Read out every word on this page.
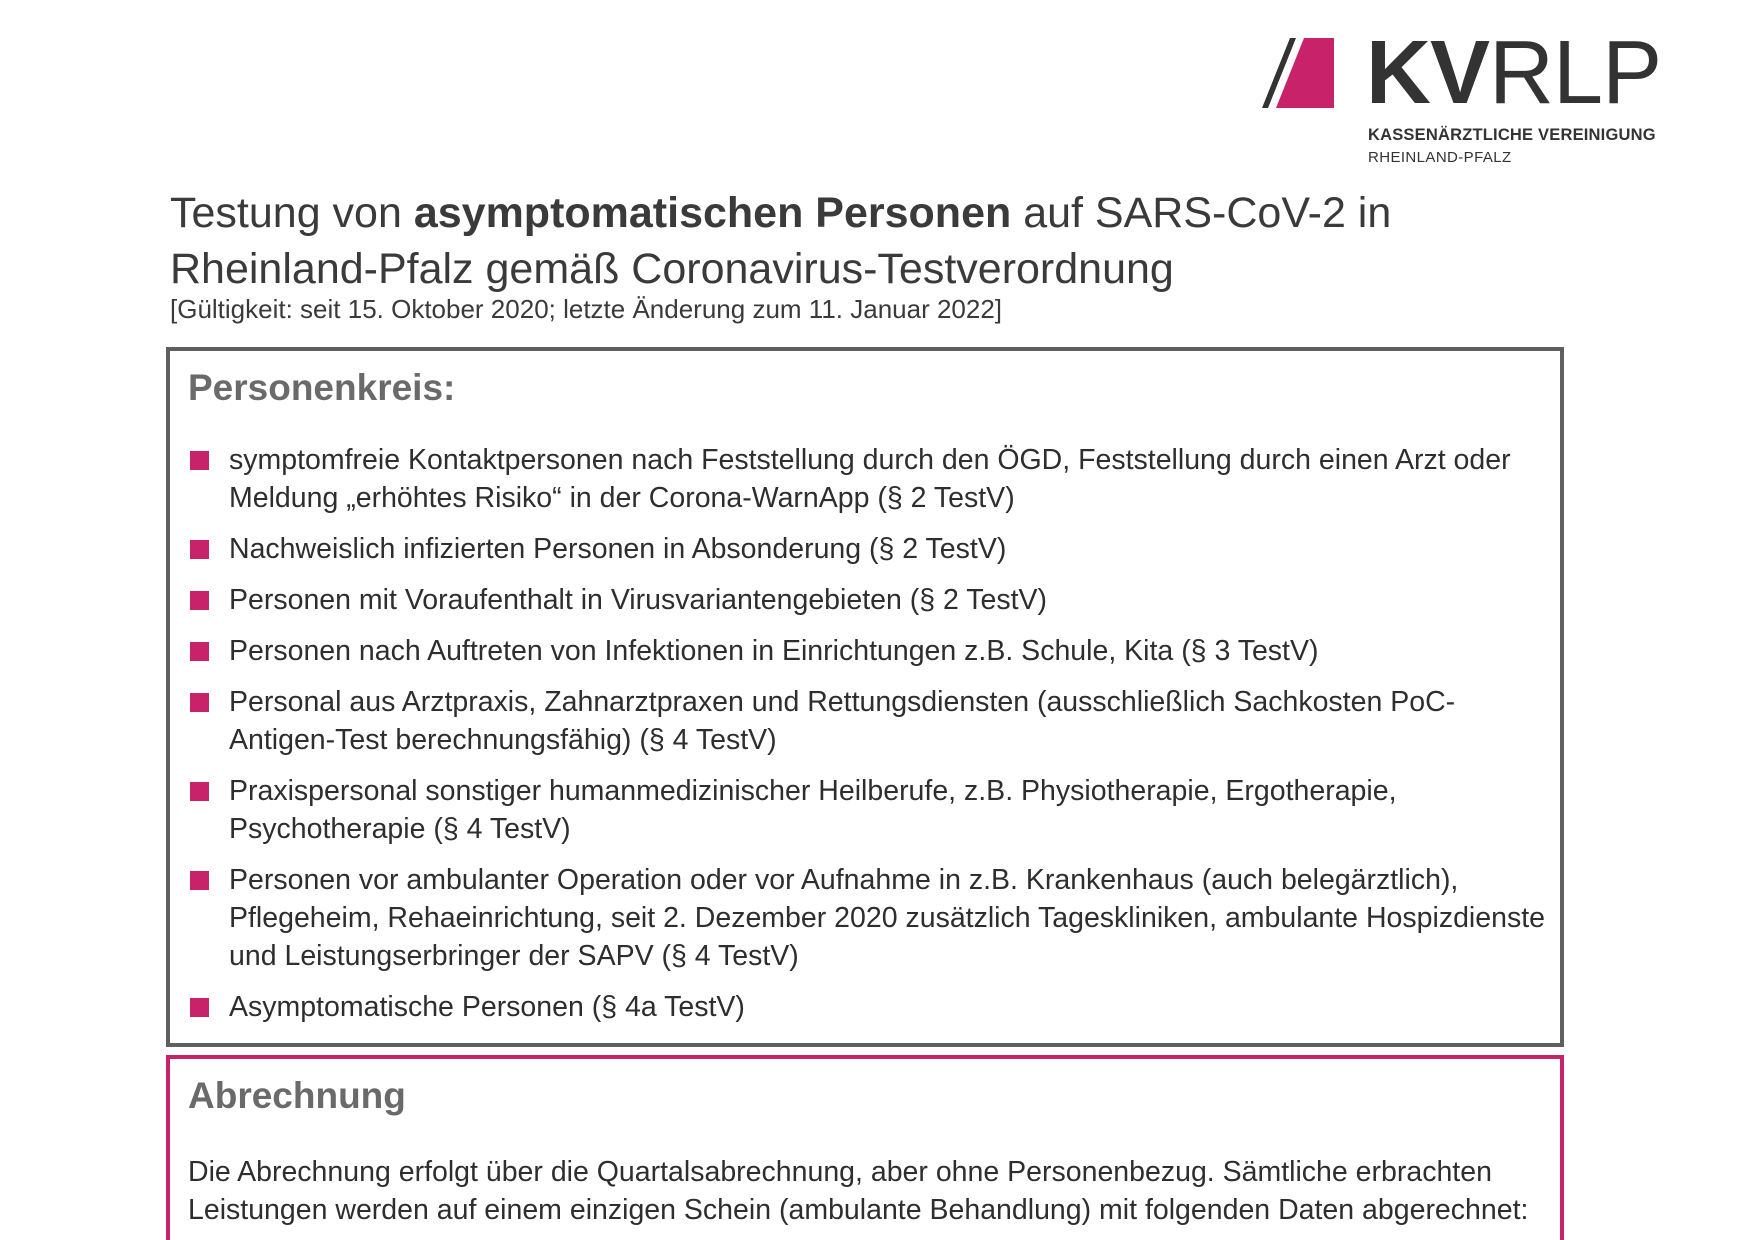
KVRLP
KASSENÄRZTLICHE VEREINIGUNG
RHEINLAND-PFALZ
Testung von asymptomatischen Personen auf SARS-CoV-2 in Rheinland-Pfalz gemäß Coronavirus-Testverordnung
[Gültigkeit: seit 15. Oktober 2020; letzte Änderung zum 11. Januar 2022]
Personenkreis:
symptomfreie Kontaktpersonen nach Feststellung durch den ÖGD, Feststellung durch einen Arzt oder Meldung „erhöhtes Risiko“ in der Corona-WarnApp (§ 2 TestV)
Nachweislich infizierten Personen in Absonderung (§ 2 TestV)
Personen mit Voraufenthalt in Virusvariantengebieten (§ 2 TestV)
Personen nach Auftreten von Infektionen in Einrichtungen z.B. Schule, Kita (§ 3 TestV)
Personal aus Arztpraxis, Zahnarztpraxen und Rettungsdiensten (ausschließlich Sachkosten PoC-Antigen-Test berechnungsfähig) (§ 4 TestV)
Praxispersonal sonstiger humanmedizinischer Heilberufe, z.B. Physiotherapie, Ergotherapie, Psychotherapie (§ 4 TestV)
Personen vor ambulanter Operation oder vor Aufnahme in z.B. Krankenhaus (auch belegärztlich), Pflegeheim, Rehaeinrichtung, seit 2. Dezember 2020 zusätzlich Tageskliniken, ambulante Hospizdienste und Leistungserbringer der SAPV (§ 4 TestV)
Asymptomatische Personen (§ 4a TestV)
Abrechnung
Die Abrechnung erfolgt über die Quartalsabrechnung, aber ohne Personenbezug. Sämtliche erbrachten Leistungen werden auf einem einzigen Schein (ambulante Behandlung) mit folgenden Daten abgerechnet:
